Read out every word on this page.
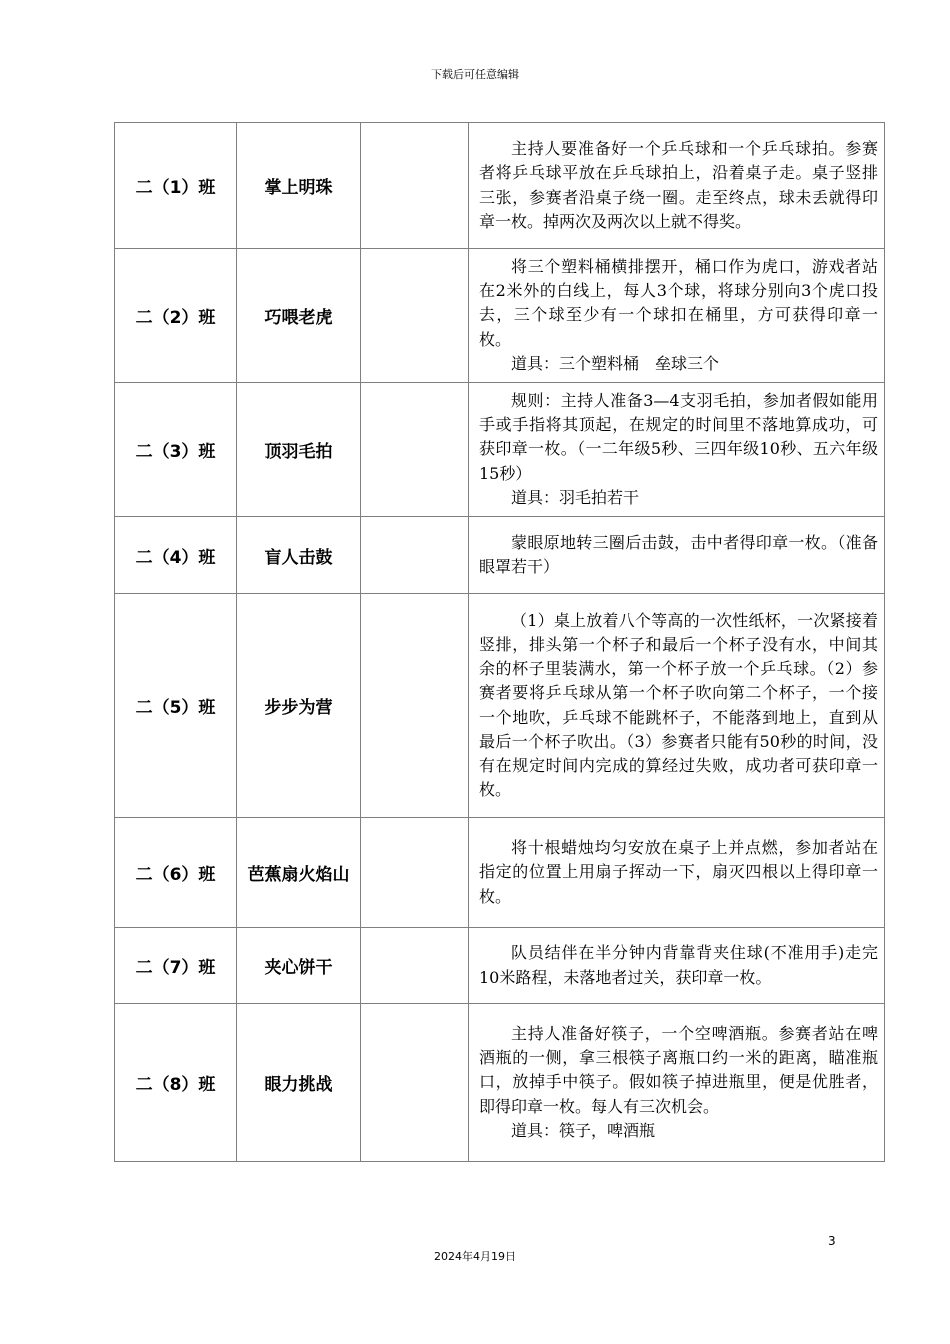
下载后可任意编辑
二（1）班	掌上明珠		主持人要准备好一个乒乓球和一个乒乓球拍。参赛者将乒乓球平放在乒乓球拍上，沿着桌子走。桌子竖排三张，参赛者沿桌子绕一圈。走至终点，球未丢就得印章一枚。掉两次及两次以上就不得奖。

二（2）班	巧喂老虎		将三个塑料桶横排摆开，桶口作为虎口，游戏者站在2米外的白线上，每人3个球，将球分别向3个虎口投去，三个球至少有一个球扣在桶里，方可获得印章一枚。

道具：三个塑料桶　垒球三个

二（3）班	顶羽毛拍		规则：主持人准备3—4支羽毛拍，参加者假如能用手或手指将其顶起，在规定的时间里不落地算成功，可获印章一枚。（一二年级5秒、三四年级10秒、五六年级15秒）

道具：羽毛拍若干

二（4）班	盲人击鼓		蒙眼原地转三圈后击鼓，击中者得印章一枚。（准备眼罩若干）

二（5）班	步步为营		（1）桌上放着八个等高的一次性纸杯，一次紧接着竖排，排头第一个杯子和最后一个杯子没有水，中间其余的杯子里装满水，第一个杯子放一个乒乓球。（2）参赛者要将乒乓球从第一个杯子吹向第二个杯子，一个接一个地吹，乒乓球不能跳杯子，不能落到地上，直到从最后一个杯子吹出。（3）参赛者只能有50秒的时间，没有在规定时间内完成的算经过失败，成功者可获印章一枚。

二（6）班	芭蕉扇火焰山		将十根蜡烛均匀安放在桌子上并点燃，参加者站在指定的位置上用扇子挥动一下，扇灭四根以上得印章一枚。

二（7）班	夹心饼干		队员结伴在半分钟内背靠背夹住球(不准用手)走完10米路程，未落地者过关，获印章一枚。

二（8）班	眼力挑战		主持人准备好筷子，一个空啤酒瓶。参赛者站在啤酒瓶的一侧，拿三根筷子离瓶口约一米的距离，瞄准瓶口，放掉手中筷子。假如筷子掉进瓶里，便是优胜者，即得印章一枚。每人有三次机会。

道具：筷子，啤酒瓶

3
2024年4月19日
